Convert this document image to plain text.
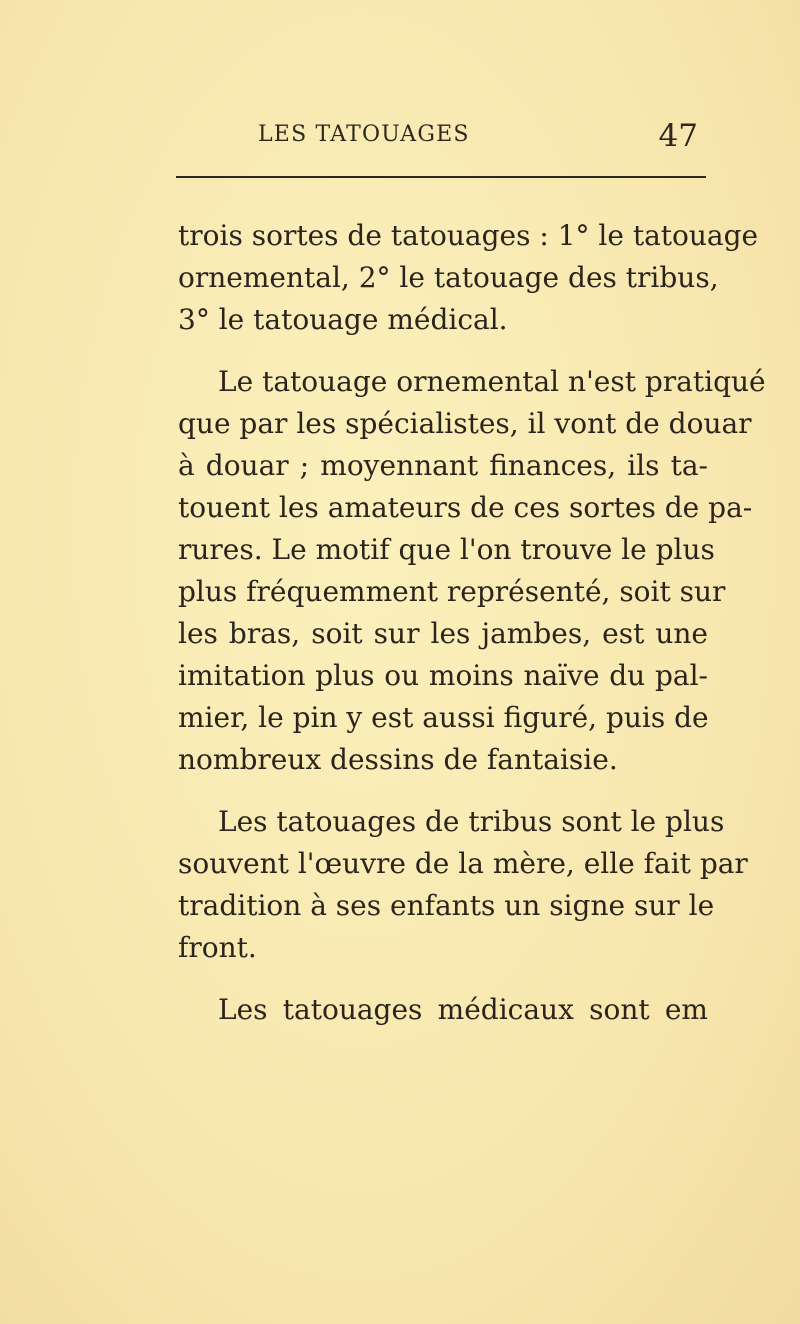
LES TATOUAGES	47
trois sortes de tatouages : 1° le tatouage
ornemental, 2° le tatouage des tribus,
3° le tatouage médical.
Le tatouage ornemental n'est pratiqué
que par les spécialistes, il vont de douar
à douar ; moyennant finances, ils ta-
touent les amateurs de ces sortes de pa-
rures. Le motif que l'on trouve le plus
plus fréquemment représenté, soit sur
les bras, soit sur les jambes, est une
imitation plus ou moins naïve du pal-
mier, le pin y est aussi figuré, puis de
nombreux dessins de fantaisie.
Les tatouages de tribus sont le plus
souvent l'œuvre de la mère, elle fait par
tradition à ses enfants un signe sur le
front.
Les tatouages médicaux sont em
